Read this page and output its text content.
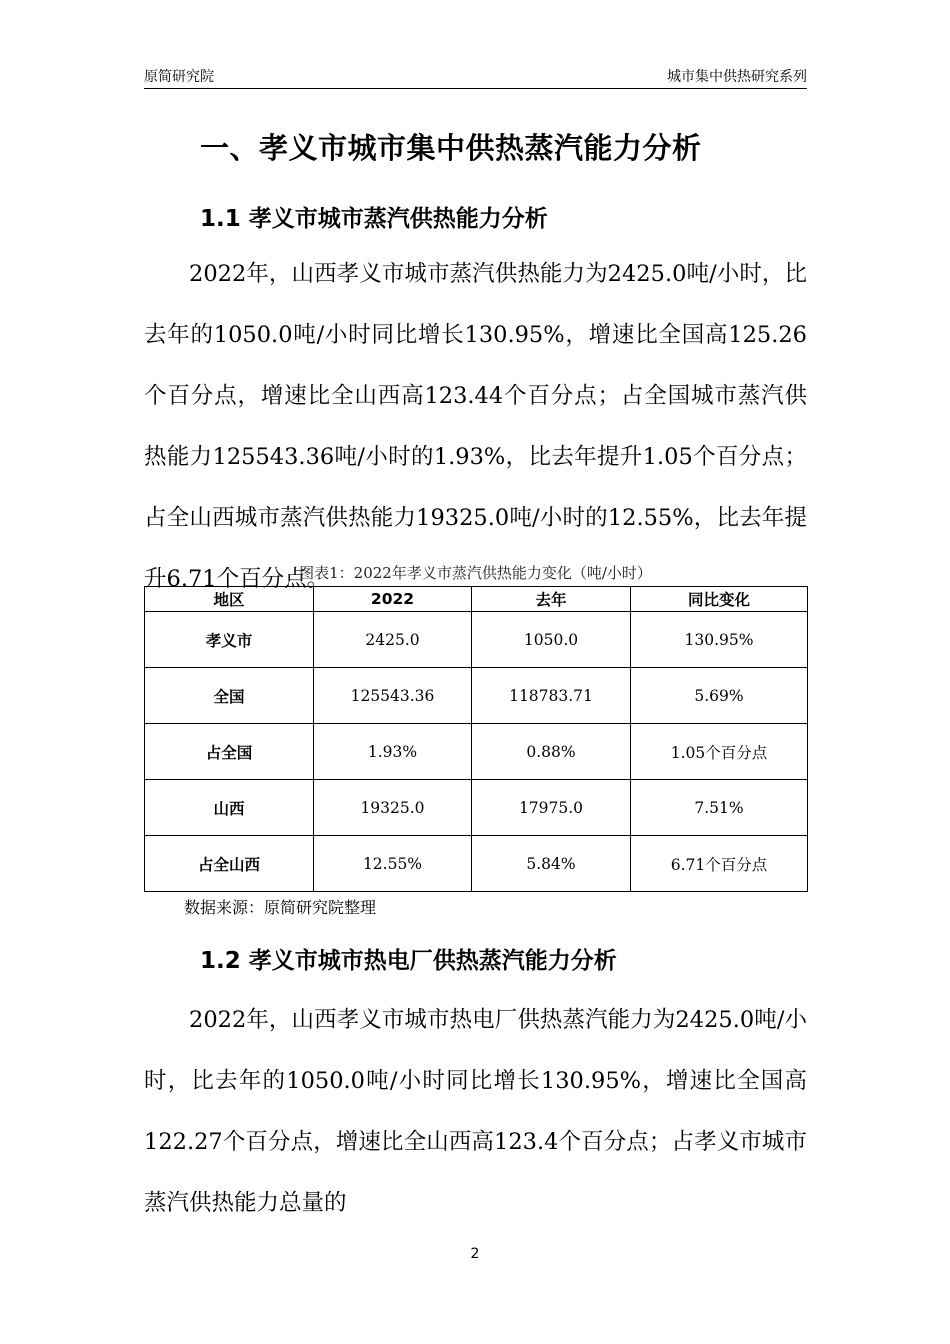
原简研究院	城市集中供热研究系列
一、孝义市城市集中供热蒸汽能力分析
1.1 孝义市城市蒸汽供热能力分析

2022年，山西孝义市城市蒸汽供热能力为2425.0吨/小时，比去年的1050.0吨/小时同比增长130.95%，增速比全国高125.26个百分点，增速比全山西高123.44个百分点；占全国城市蒸汽供热能力125543.36吨/小时的1.93%，比去年提升1.05个百分点；占全山西城市蒸汽供热能力19325.0吨/小时的12.55%，比去年提升6.71个百分点。

图表1：2022年孝义市蒸汽供热能力变化（吨/小时）
地区	2022	去年	同比变化
孝义市	2425.0	1050.0	130.95%
全国	125543.36	118783.71	5.69%
占全国	1.93%	0.88%	1.05个百分点
山西	19325.0	17975.0	7.51%
占全山西	12.55%	5.84%	6.71个百分点
数据来源：原简研究院整理
1.2 孝义市城市热电厂供热蒸汽能力分析

2022年，山西孝义市城市热电厂供热蒸汽能力为2425.0吨/小时，比去年的1050.0吨/小时同比增长130.95%，增速比全国高122.27个百分点，增速比全山西高123.4个百分点；占孝义市城市蒸汽供热能力总量的

2
